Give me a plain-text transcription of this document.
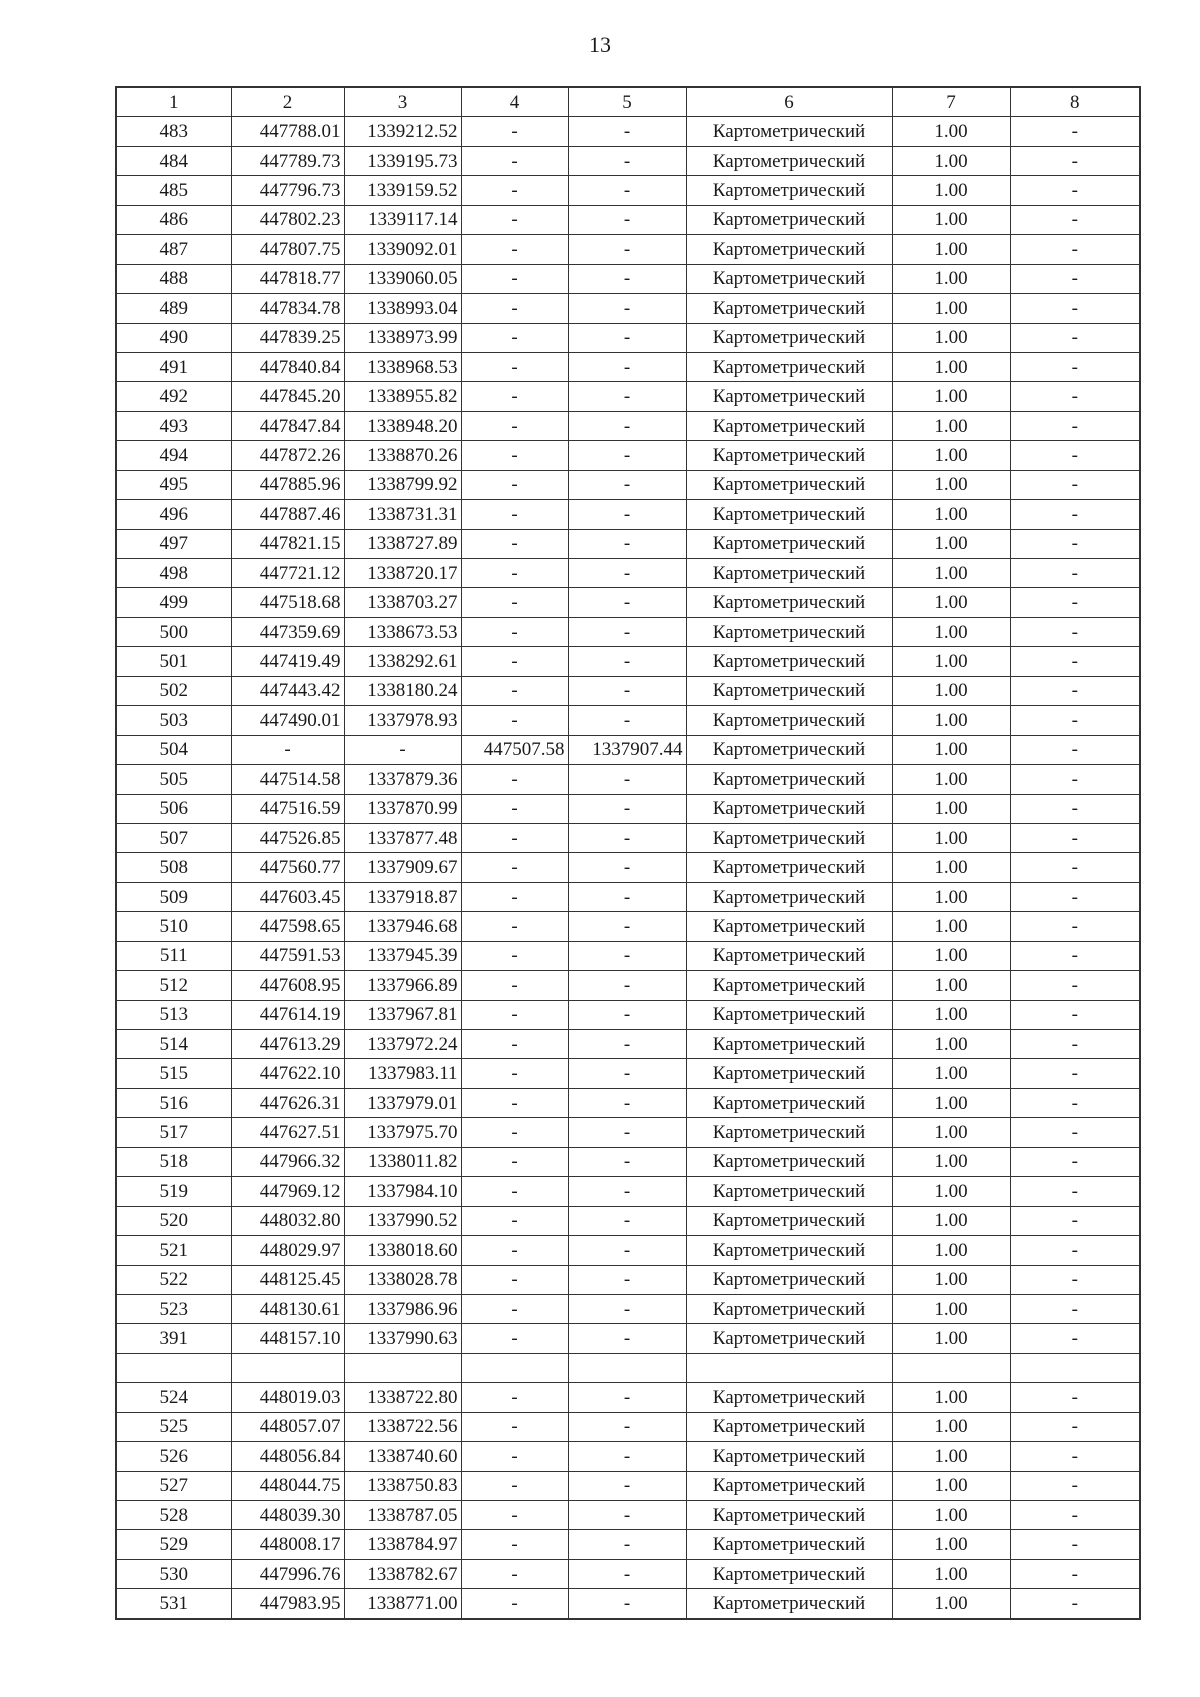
13
1	2	3	4	5	6	7	8
483	447788.01	1339212.52	-	-	Картометрический	1.00	-
484	447789.73	1339195.73	-	-	Картометрический	1.00	-
485	447796.73	1339159.52	-	-	Картометрический	1.00	-
486	447802.23	1339117.14	-	-	Картометрический	1.00	-
487	447807.75	1339092.01	-	-	Картометрический	1.00	-
488	447818.77	1339060.05	-	-	Картометрический	1.00	-
489	447834.78	1338993.04	-	-	Картометрический	1.00	-
490	447839.25	1338973.99	-	-	Картометрический	1.00	-
491	447840.84	1338968.53	-	-	Картометрический	1.00	-
492	447845.20	1338955.82	-	-	Картометрический	1.00	-
493	447847.84	1338948.20	-	-	Картометрический	1.00	-
494	447872.26	1338870.26	-	-	Картометрический	1.00	-
495	447885.96	1338799.92	-	-	Картометрический	1.00	-
496	447887.46	1338731.31	-	-	Картометрический	1.00	-
497	447821.15	1338727.89	-	-	Картометрический	1.00	-
498	447721.12	1338720.17	-	-	Картометрический	1.00	-
499	447518.68	1338703.27	-	-	Картометрический	1.00	-
500	447359.69	1338673.53	-	-	Картометрический	1.00	-
501	447419.49	1338292.61	-	-	Картометрический	1.00	-
502	447443.42	1338180.24	-	-	Картометрический	1.00	-
503	447490.01	1337978.93	-	-	Картометрический	1.00	-
504	-	-	447507.58	1337907.44	Картометрический	1.00	-
505	447514.58	1337879.36	-	-	Картометрический	1.00	-
506	447516.59	1337870.99	-	-	Картометрический	1.00	-
507	447526.85	1337877.48	-	-	Картометрический	1.00	-
508	447560.77	1337909.67	-	-	Картометрический	1.00	-
509	447603.45	1337918.87	-	-	Картометрический	1.00	-
510	447598.65	1337946.68	-	-	Картометрический	1.00	-
511	447591.53	1337945.39	-	-	Картометрический	1.00	-
512	447608.95	1337966.89	-	-	Картометрический	1.00	-
513	447614.19	1337967.81	-	-	Картометрический	1.00	-
514	447613.29	1337972.24	-	-	Картометрический	1.00	-
515	447622.10	1337983.11	-	-	Картометрический	1.00	-
516	447626.31	1337979.01	-	-	Картометрический	1.00	-
517	447627.51	1337975.70	-	-	Картометрический	1.00	-
518	447966.32	1338011.82	-	-	Картометрический	1.00	-
519	447969.12	1337984.10	-	-	Картометрический	1.00	-
520	448032.80	1337990.52	-	-	Картометрический	1.00	-
521	448029.97	1338018.60	-	-	Картометрический	1.00	-
522	448125.45	1338028.78	-	-	Картометрический	1.00	-
523	448130.61	1337986.96	-	-	Картометрический	1.00	-
391	448157.10	1337990.63	-	-	Картометрический	1.00	-

524	448019.03	1338722.80	-	-	Картометрический	1.00	-
525	448057.07	1338722.56	-	-	Картометрический	1.00	-
526	448056.84	1338740.60	-	-	Картометрический	1.00	-
527	448044.75	1338750.83	-	-	Картометрический	1.00	-
528	448039.30	1338787.05	-	-	Картометрический	1.00	-
529	448008.17	1338784.97	-	-	Картометрический	1.00	-
530	447996.76	1338782.67	-	-	Картометрический	1.00	-
531	447983.95	1338771.00	-	-	Картометрический	1.00	-
